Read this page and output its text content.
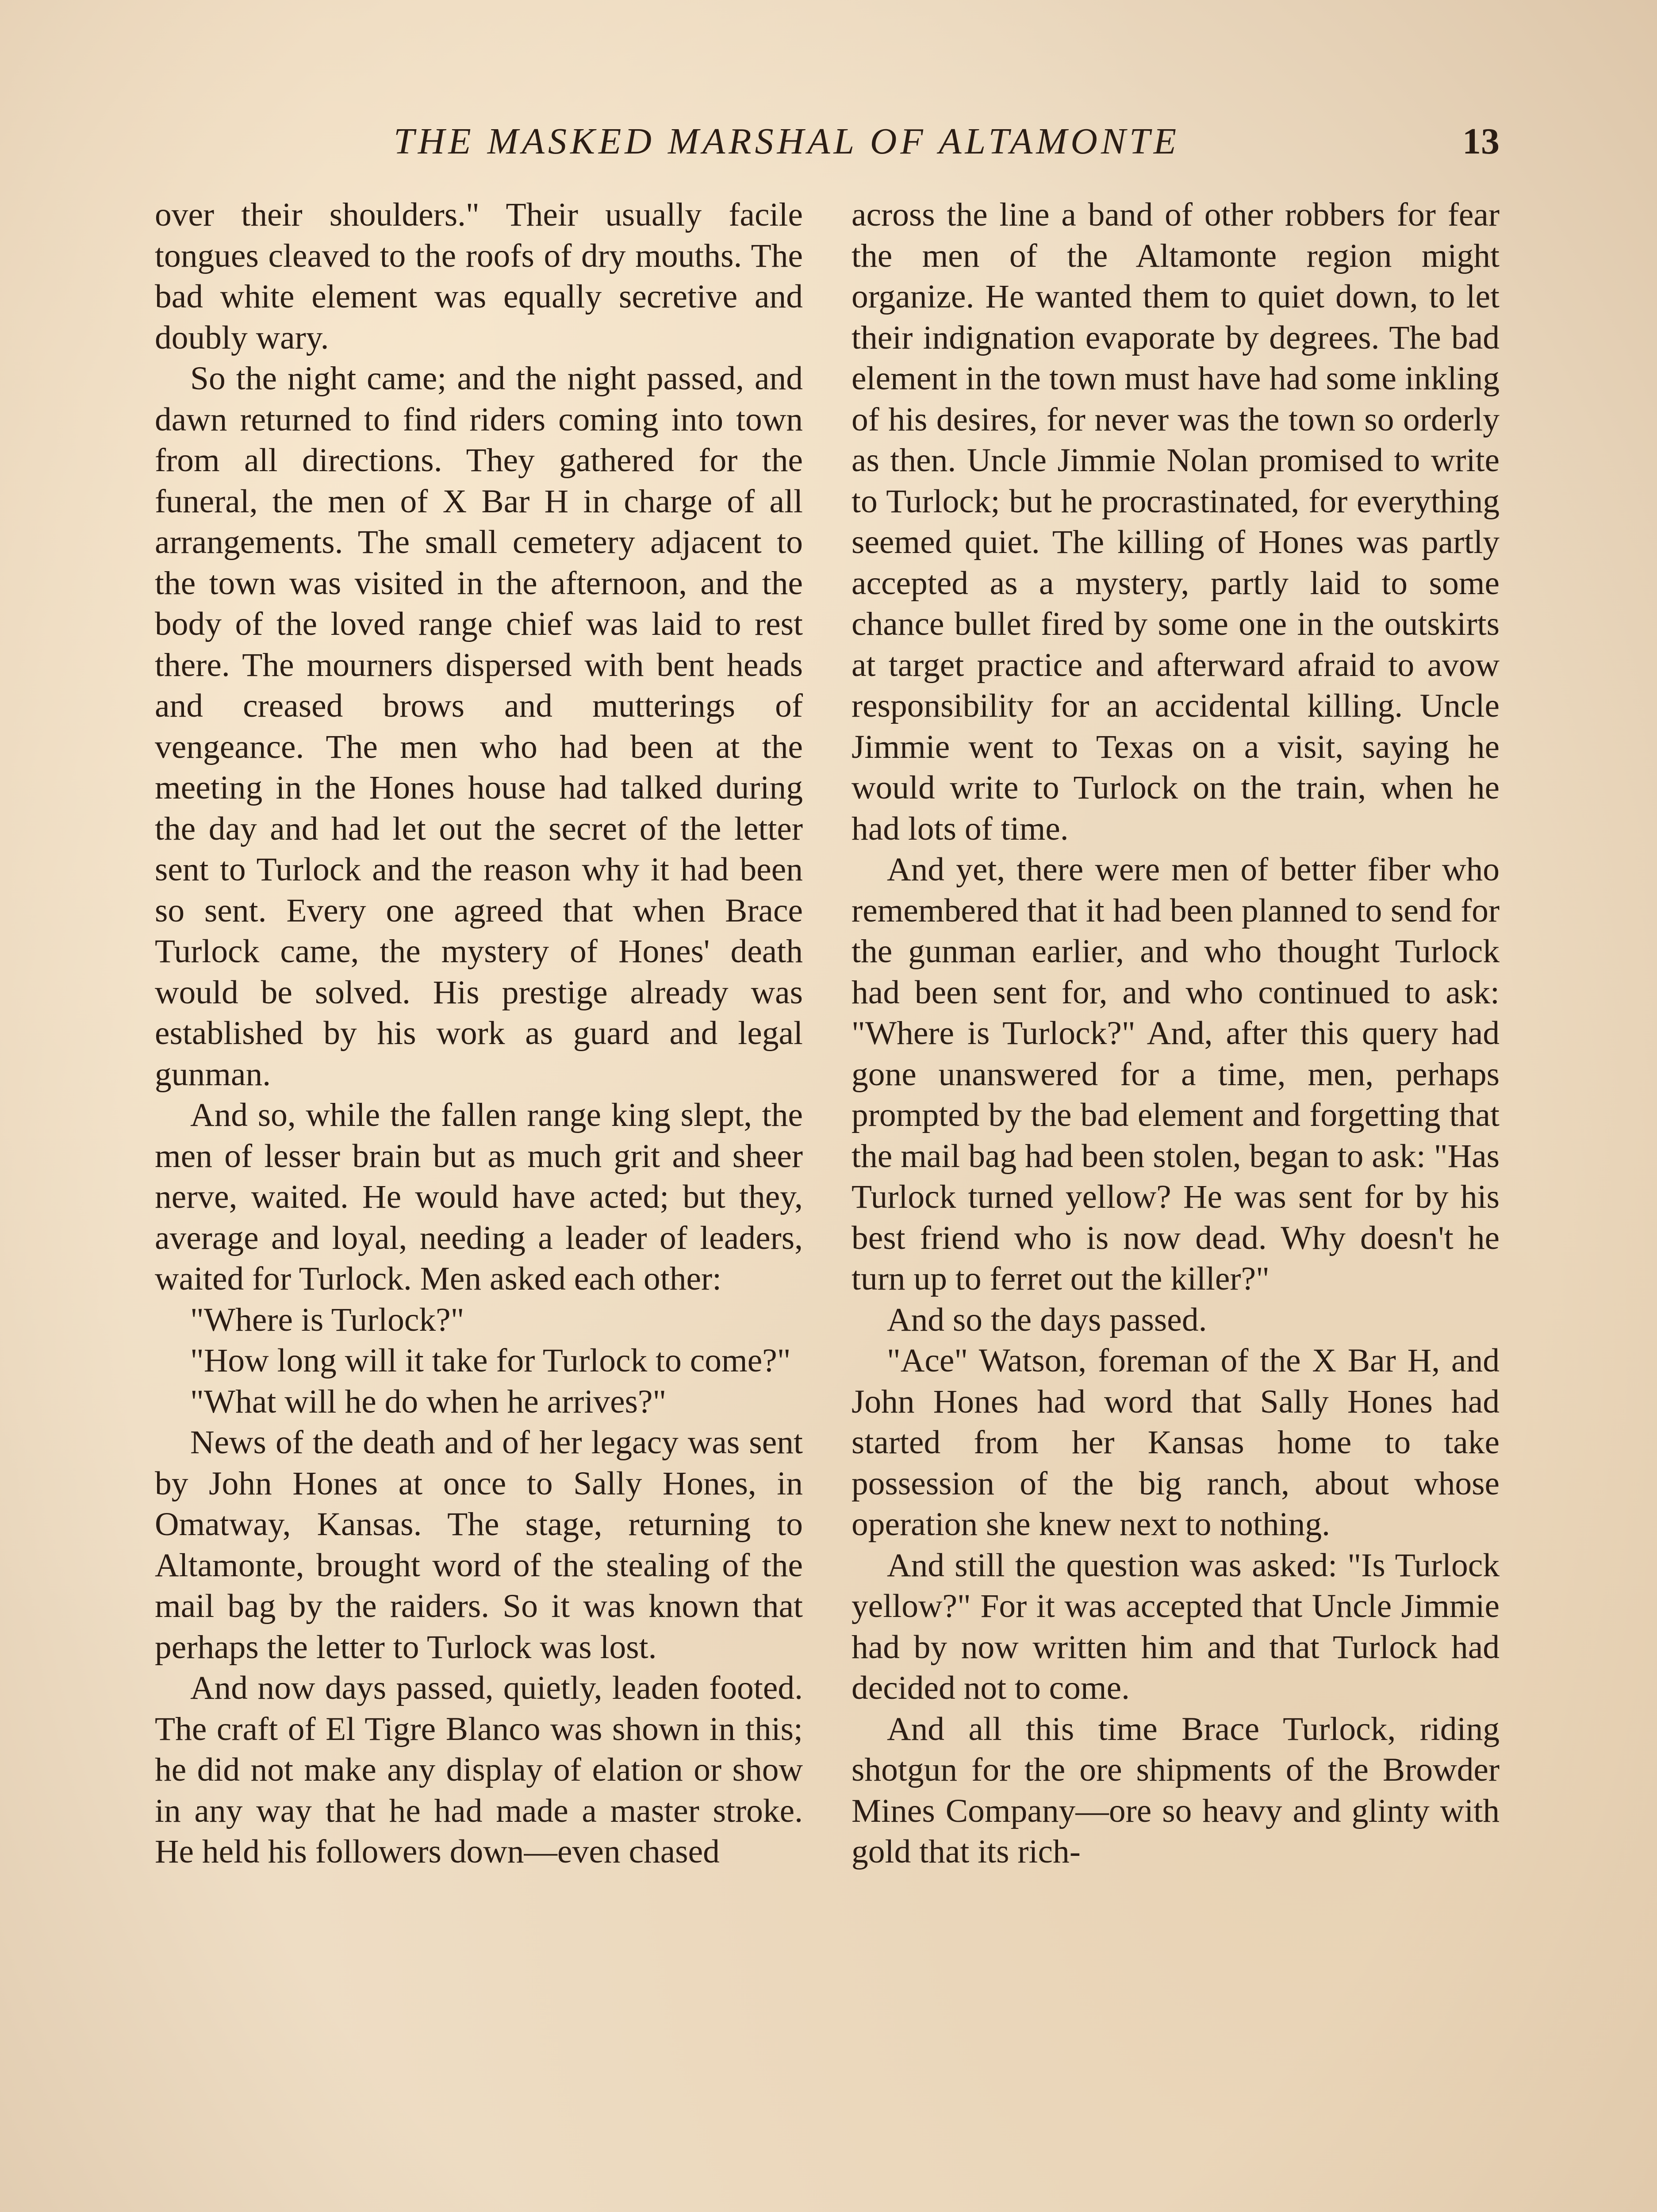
THE MASKED MARSHAL OF ALTAMONTE	13

over their shoulders." Their usually facile tongues cleaved to the roofs of dry mouths. The bad white element was equally secretive and doubly wary.

So the night came; and the night passed, and dawn returned to find riders coming into town from all directions. They gathered for the funeral, the men of X Bar H in charge of all arrangements. The small cemetery adjacent to the town was visited in the afternoon, and the body of the loved range chief was laid to rest there. The mourners dispersed with bent heads and creased brows and mutterings of vengeance. The men who had been at the meeting in the Hones house had talked during the day and had let out the secret of the letter sent to Turlock and the reason why it had been so sent. Every one agreed that when Brace Turlock came, the mystery of Hones' death would be solved. His prestige already was established by his work as guard and legal gunman.

And so, while the fallen range king slept, the men of lesser brain but as much grit and sheer nerve, waited. He would have acted; but they, average and loyal, needing a leader of leaders, waited for Turlock. Men asked each other:

"Where is Turlock?"

"How long will it take for Turlock to come?"

"What will he do when he arrives?"

News of the death and of her legacy was sent by John Hones at once to Sally Hones, in Omatway, Kansas. The stage, returning to Altamonte, brought word of the stealing of the mail bag by the raiders. So it was known that perhaps the letter to Turlock was lost.

And now days passed, quietly, leaden footed. The craft of El Tigre Blanco was shown in this; he did not make any display of elation or show in any way that he had made a master stroke. He held his followers down—even chased

across the line a band of other robbers for fear the men of the Altamonte region might organize. He wanted them to quiet down, to let their indignation evaporate by degrees. The bad element in the town must have had some inkling of his desires, for never was the town so orderly as then. Uncle Jimmie Nolan promised to write to Turlock; but he procrastinated, for everything seemed quiet. The killing of Hones was partly accepted as a mystery, partly laid to some chance bullet fired by some one in the outskirts at target practice and afterward afraid to avow responsibility for an accidental killing. Uncle Jimmie went to Texas on a visit, saying he would write to Turlock on the train, when he had lots of time.

And yet, there were men of better fiber who remembered that it had been planned to send for the gunman earlier, and who thought Turlock had been sent for, and who continued to ask: "Where is Turlock?" And, after this query had gone unanswered for a time, men, perhaps prompted by the bad element and forgetting that the mail bag had been stolen, began to ask: "Has Turlock turned yellow? He was sent for by his best friend who is now dead. Why doesn't he turn up to ferret out the killer?"

And so the days passed.

"Ace" Watson, foreman of the X Bar H, and John Hones had word that Sally Hones had started from her Kansas home to take possession of the big ranch, about whose operation she knew next to nothing.

And still the question was asked: "Is Turlock yellow?" For it was accepted that Uncle Jimmie had by now written him and that Turlock had decided not to come.

And all this time Brace Turlock, riding shotgun for the ore shipments of the Browder Mines Company—ore so heavy and glinty with gold that its rich-
